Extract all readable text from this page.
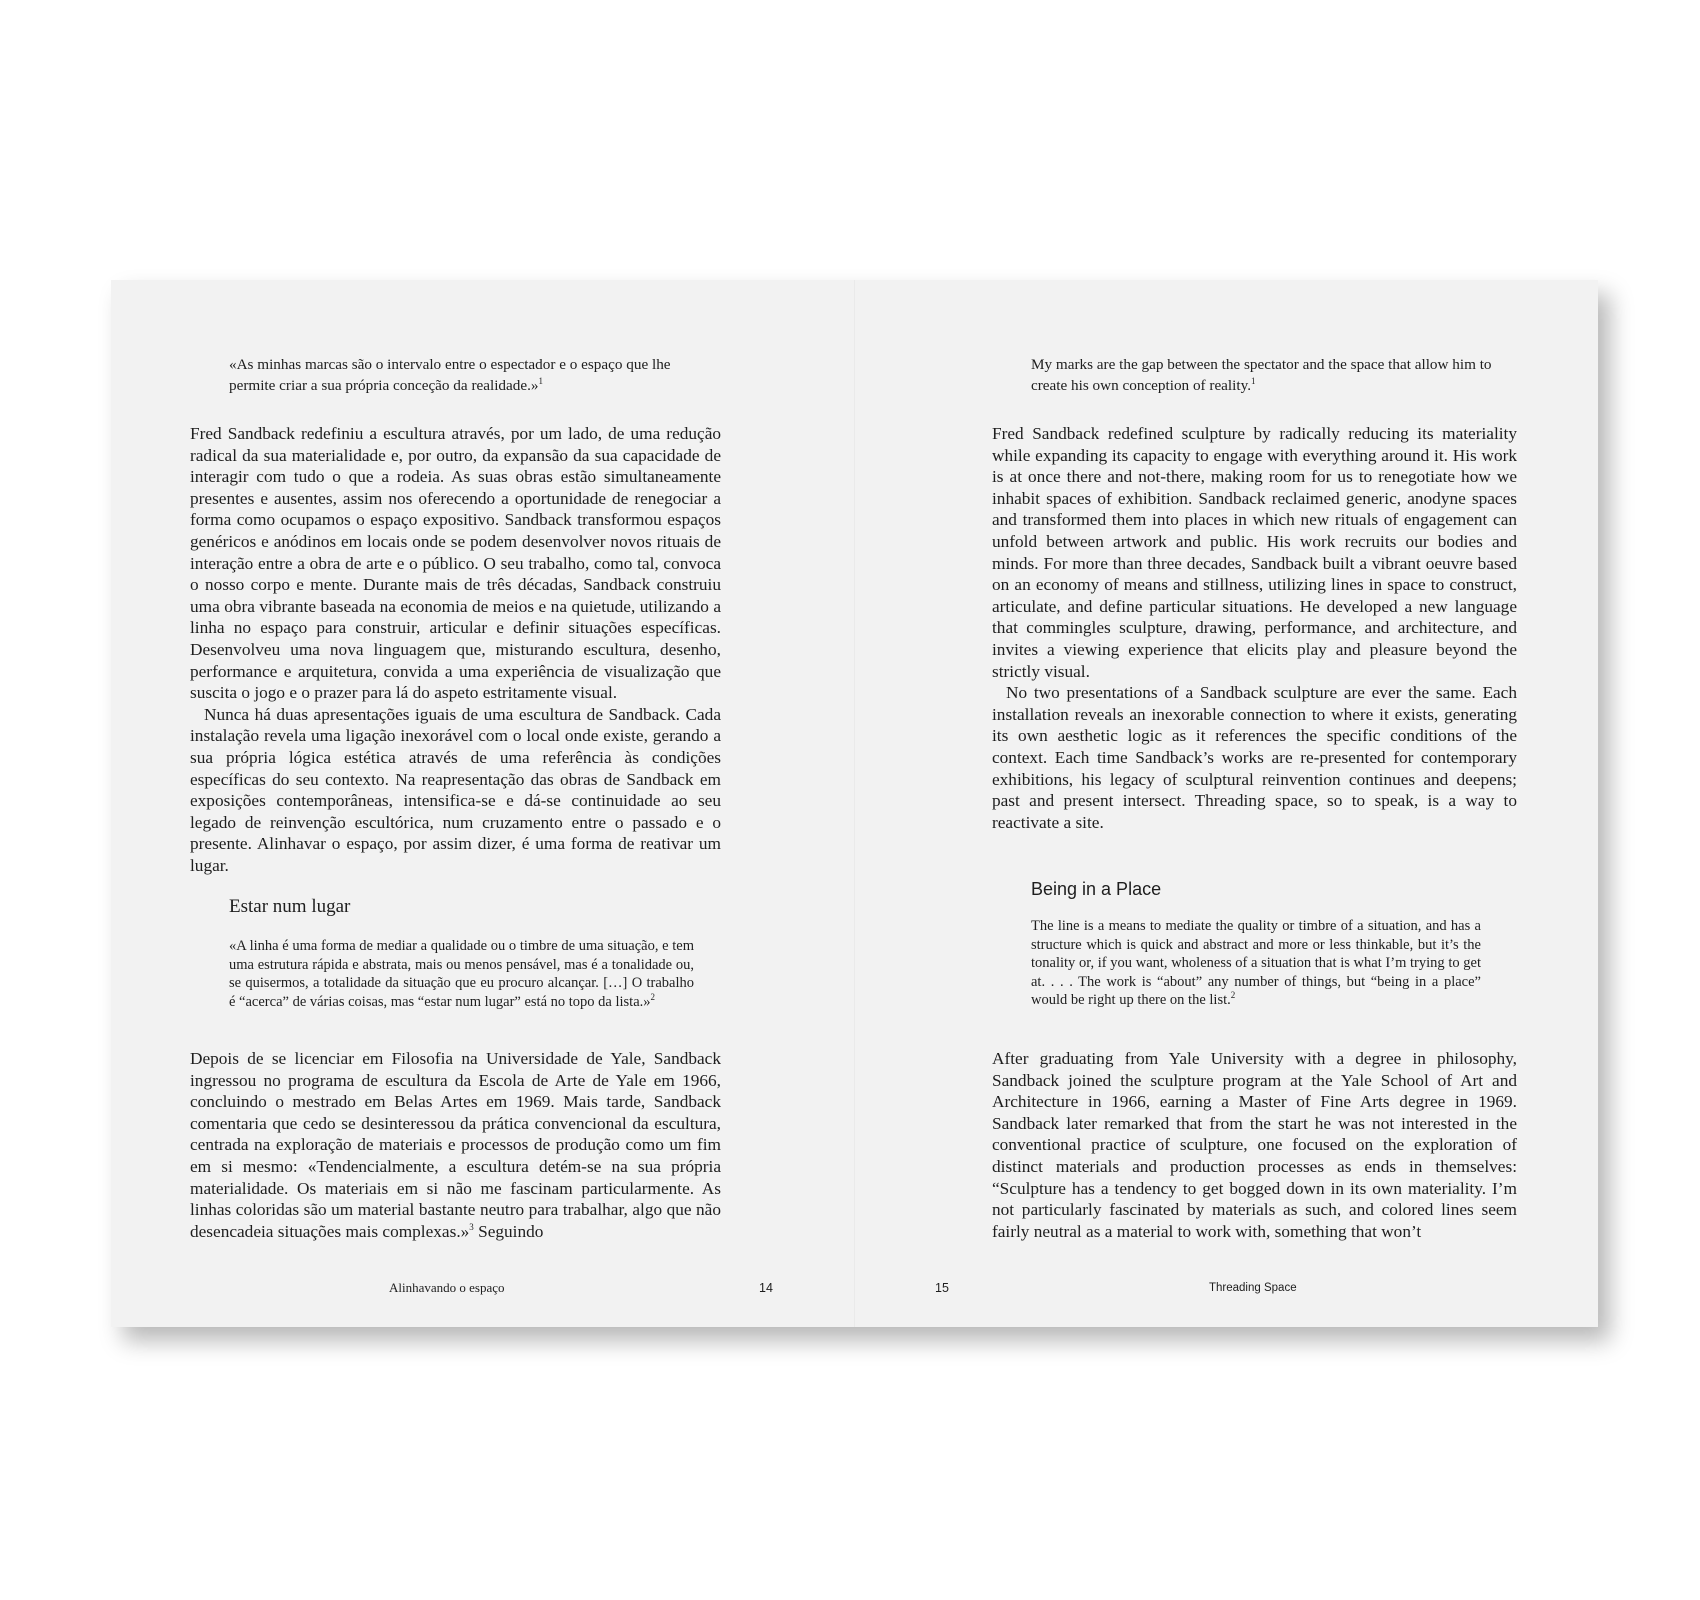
«As minhas marcas são o intervalo entre o espectador e o espaço que lhe permite criar a sua própria conceção da realidade.»$^1$

Fred Sandback redefiniu a escultura através, por um lado, de uma redução radical da sua materialidade e, por outro, da expansão da sua capacidade de interagir com tudo o que a rodeia. As suas obras estão simultaneamente presentes e ausentes, assim nos oferecendo a oportunidade de renegociar a forma como ocupamos o espaço expositivo. Sandback transformou espaços genéricos e anódinos em locais onde se podem desenvolver novos rituais de interação entre a obra de arte e o público. O seu trabalho, como tal, convoca o nosso corpo e mente. Durante mais de três décadas, Sandback construiu uma obra vibrante baseada na economia de meios e na quietude, utilizando a linha no espaço para construir, articular e definir situações específicas. Desenvolveu uma nova linguagem que, misturando escultura, desenho, performance e arquitetura, convida a uma experiência de visualização que suscita o jogo e o prazer para lá do aspeto estritamente visual.

Nunca há duas apresentações iguais de uma escultura de Sandback. Cada instalação revela uma ligação inexorável com o local onde existe, gerando a sua própria lógica estética através de uma referência às condições específicas do seu contexto. Na reapresentação das obras de Sandback em exposições contemporâneas, intensifica-se e dá-se continuidade ao seu legado de reinvenção escultórica, num cruzamento entre o passado e o presente. Alinhavar o espaço, por assim dizer, é uma forma de reativar um lugar.

Estar num lugar

«A linha é uma forma de mediar a qualidade ou o timbre de uma situação, e tem uma estrutura rápida e abstrata, mais ou menos pensável, mas é a tonalidade ou, se quisermos, a totalidade da situação que eu procuro alcançar. […] O trabalho é “acerca” de várias coisas, mas “estar num lugar” está no topo da lista.»$^2$

Depois de se licenciar em Filosofia na Universidade de Yale, Sandback ingressou no programa de escultura da Escola de Arte de Yale em 1966, concluindo o mestrado em Belas Artes em 1969. Mais tarde, Sandback comentaria que cedo se desinteressou da prática convencional da escultura, centrada na exploração de materiais e processos de produção como um fim em si mesmo: «Tendencialmente, a escultura detém-se na sua própria materialidade. Os materiais em si não me fascinam particularmente. As linhas coloridas são um material bastante neutro para trabalhar, algo que não desencadeia situações mais complexas.»$^3$ Seguindo

Alinhavando o espaço	14

My marks are the gap between the spectator and the space that allow him to create his own conception of reality.$^1$

Fred Sandback redefined sculpture by radically reducing its materiality while expanding its capacity to engage with everything around it. His work is at once there and not-there, making room for us to renegotiate how we inhabit spaces of exhibition. Sandback reclaimed generic, anodyne spaces and transformed them into places in which new rituals of engagement can unfold between artwork and public. His work recruits our bodies and minds. For more than three decades, Sandback built a vibrant oeuvre based on an economy of means and stillness, utilizing lines in space to construct, articulate, and define particular situations. He developed a new language that commingles sculpture, drawing, performance, and architecture, and invites a viewing experience that elicits play and pleasure beyond the strictly visual.

No two presentations of a Sandback sculpture are ever the same. Each installation reveals an inexorable connection to where it exists, generating its own aesthetic logic as it references the specific conditions of the context. Each time Sandback’s works are re-presented for contemporary exhibitions, his legacy of sculptural reinvention continues and deepens; past and present intersect. Threading space, so to speak, is a way to reactivate a site.

Being in a Place

The line is a means to mediate the quality or timbre of a situation, and has a structure which is quick and abstract and more or less thinkable, but it’s the tonality or, if you want, wholeness of a situation that is what I’m trying to get at. . . . The work is “about” any number of things, but “being in a place” would be right up there on the list.$^2$

After graduating from Yale University with a degree in philosophy, Sandback joined the sculpture program at the Yale School of Art and Architecture in 1966, earning a Master of Fine Arts degree in 1969. Sandback later remarked that from the start he was not interested in the conventional practice of sculpture, one focused on the exploration of distinct materials and production processes as ends in themselves: “Sculpture has a tendency to get bogged down in its own materiality. I’m not particularly fascinated by materials as such, and colored lines seem fairly neutral as a material to work with, something that won’t

15	Threading Space
